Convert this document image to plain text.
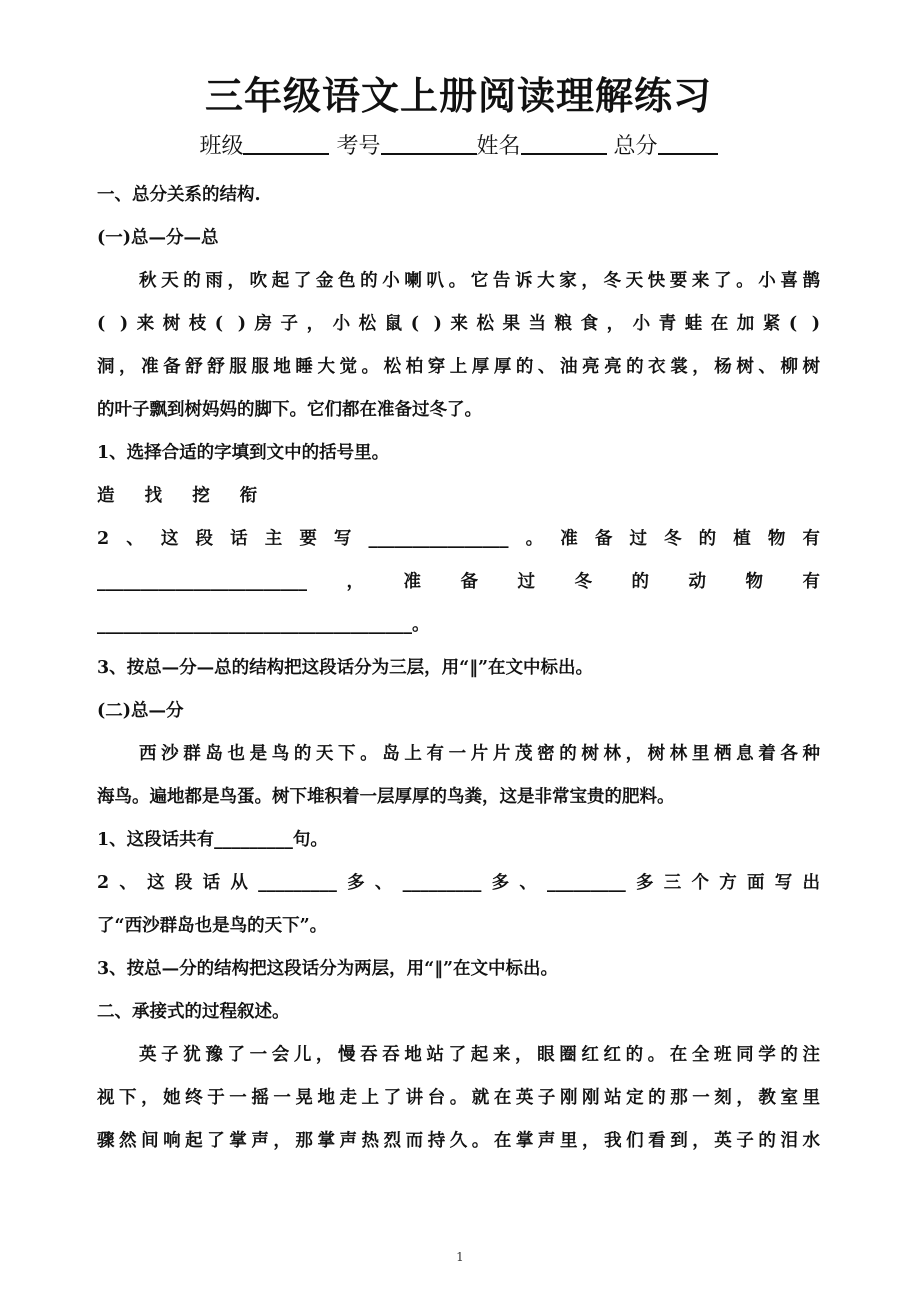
三年级语文上册阅读理解练习
班级	考号	姓名	总分
一、总分关系的结构.
(一)总—分—总
秋天的雨，吹起了金色的小喇叭。它告诉大家，冬天快要来了。小喜鹊
( )来树枝( )房子，小松鼠( )来松果当粮食，小青蛙在加紧( )
洞，准备舒舒服服地睡大觉。松柏穿上厚厚的、油亮亮的衣裳，杨树、柳树
的叶子飘到树妈妈的脚下。它们都在准备过冬了。
1、选择合适的字填到文中的括号里。
造 找 挖 衔
2、这段话主要写________________。准备过冬的植物有
________________________，准备过冬的动物有
____________________________________。
3、按总—分—总的结构把这段话分为三层，用“‖”在文中标出。
(二)总—分
西沙群岛也是鸟的天下。岛上有一片片茂密的树林，树林里栖息着各种
海鸟。遍地都是鸟蛋。树下堆积着一层厚厚的鸟粪，这是非常宝贵的肥料。
1、这段话共有_________句。
2、这段话从_________多、_________多、_________多三个方面写出
了“西沙群岛也是鸟的天下”。
3、按总—分的结构把这段话分为两层，用“‖”在文中标出。
二、承接式的过程叙述。
英子犹豫了一会儿，慢吞吞地站了起来，眼圈红红的。在全班同学的注
视下，她终于一摇一晃地走上了讲台。就在英子刚刚站定的那一刻，教室里
骤然间响起了掌声，那掌声热烈而持久。在掌声里，我们看到，英子的泪水
1
